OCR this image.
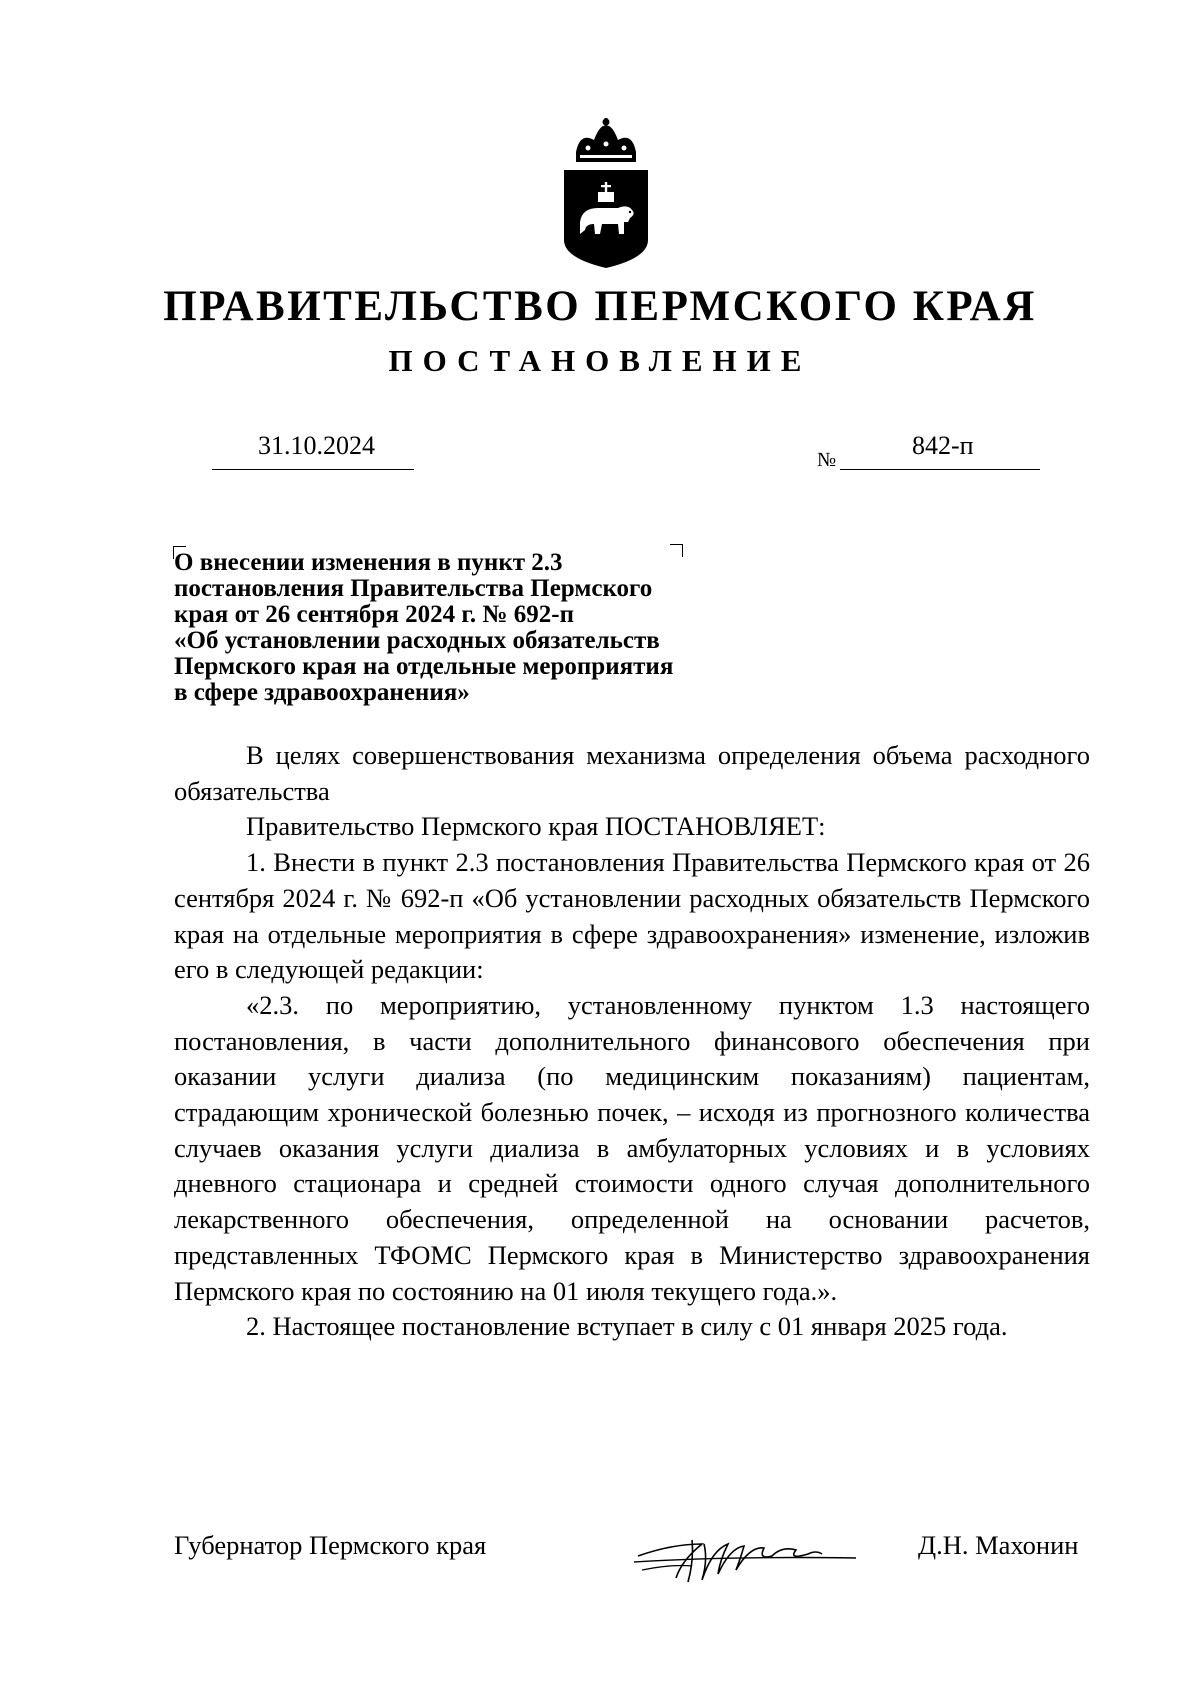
ПРАВИТЕЛЬСТВО ПЕРМСКОГО КРАЯ
ПОСТАНОВЛЕНИЕ
31.10.2024	№	842-п
О внесении изменения в пункт 2.3
постановления Правительства Пермского
края от 26 сентября 2024 г. № 692-п
«Об установлении расходных обязательств
Пермского края на отдельные мероприятия
в сфере здравоохранения»

В целях совершенствования механизма определения объема расходного обязательства

Правительство Пермского края ПОСТАНОВЛЯЕТ:

1. Внести в пункт 2.3 постановления Правительства Пермского края от 26 сентября 2024 г. № 692-п «Об установлении расходных обязательств Пермского края на отдельные мероприятия в сфере здравоохранения» изменение, изложив его в следующей редакции:

«2.3. по мероприятию, установленному пунктом 1.3 настоящего постановления, в части дополнительного финансового обеспечения при оказании услуги диализа (по медицинским показаниям) пациентам, страдающим хронической болезнью почек, – исходя из прогнозного количества случаев оказания услуги диализа в амбулаторных условиях и в условиях дневного стационара и средней стоимости одного случая дополнительного лекарственного обеспечения, определенной на основании расчетов, представленных ТФОМС Пермского края в Министерство здравоохранения Пермского края по состоянию на 01 июля текущего года.».

2. Настоящее постановление вступает в силу с 01 января 2025 года.

Губернатор Пермского края	Д.Н. Махонин
